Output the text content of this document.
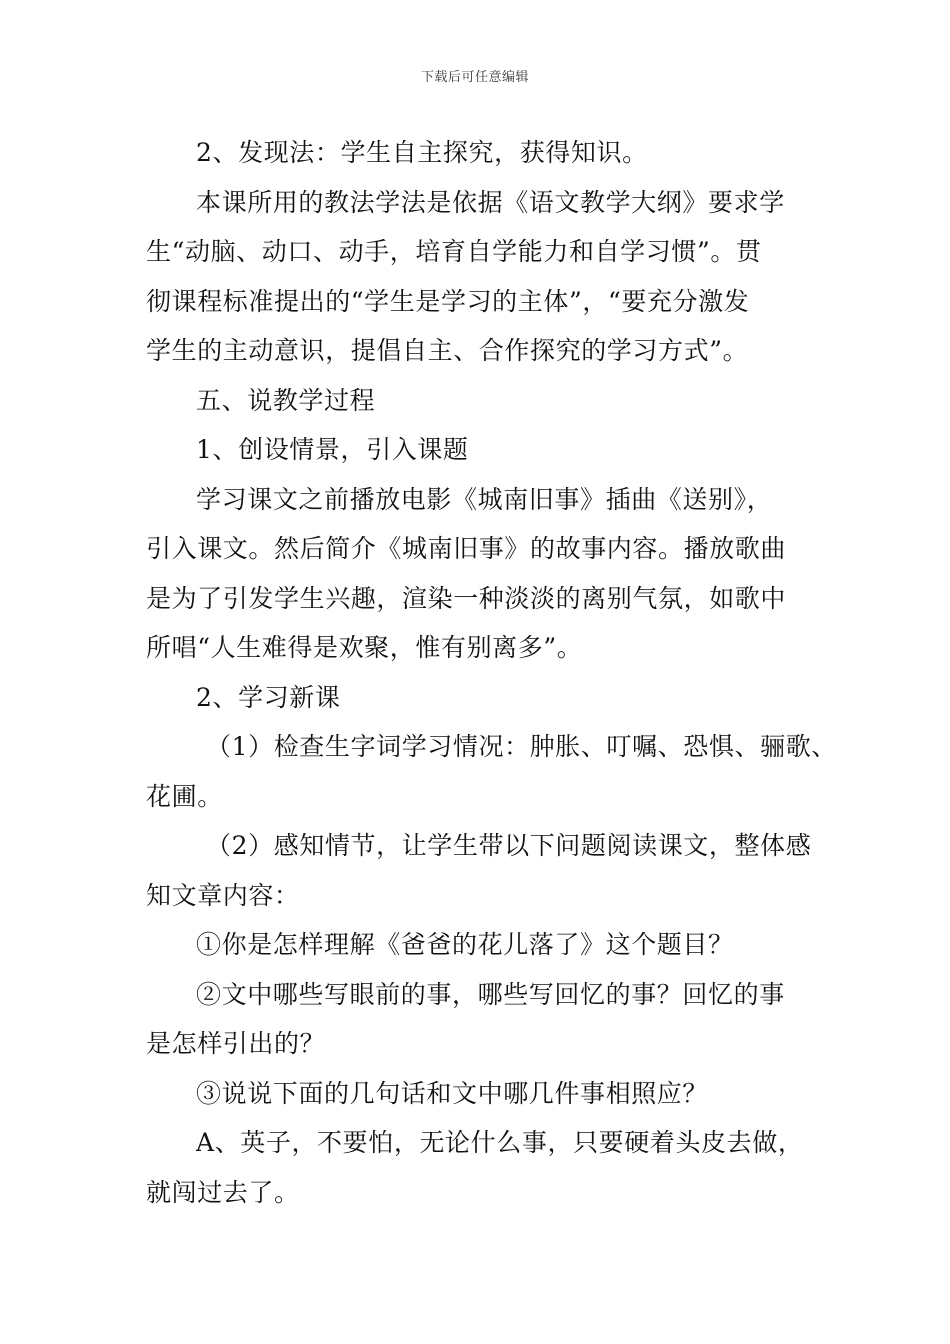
下载后可任意编辑

2、发现法：学生自主探究，获得知识。

本课所用的教法学法是依据《语文教学大纲》要求学

生“动脑、动口、动手，培育自学能力和自学习惯”。贯

彻课程标准提出的“学生是学习的主体”，“要充分激发

学生的主动意识，提倡自主、合作探究的学习方式”。

五、说教学过程

1、创设情景，引入课题

学习课文之前播放电影《城南旧事》插曲《送别》，

引入课文。然后简介《城南旧事》的故事内容。播放歌曲

是为了引发学生兴趣，渲染一种淡淡的离别气氛，如歌中

所唱“人生难得是欢聚，惟有别离多”。

2、学习新课

（1）检查生字词学习情况：肿胀、叮嘱、恐惧、骊歌、

花圃。

（2）感知情节，让学生带以下问题阅读课文，整体感

知文章内容：

①你是怎样理解《爸爸的花儿落了》这个题目？

②文中哪些写眼前的事，哪些写回忆的事？回忆的事

是怎样引出的？

③说说下面的几句话和文中哪几件事相照应？

A、英子，不要怕，无论什么事，只要硬着头皮去做，

就闯过去了。
